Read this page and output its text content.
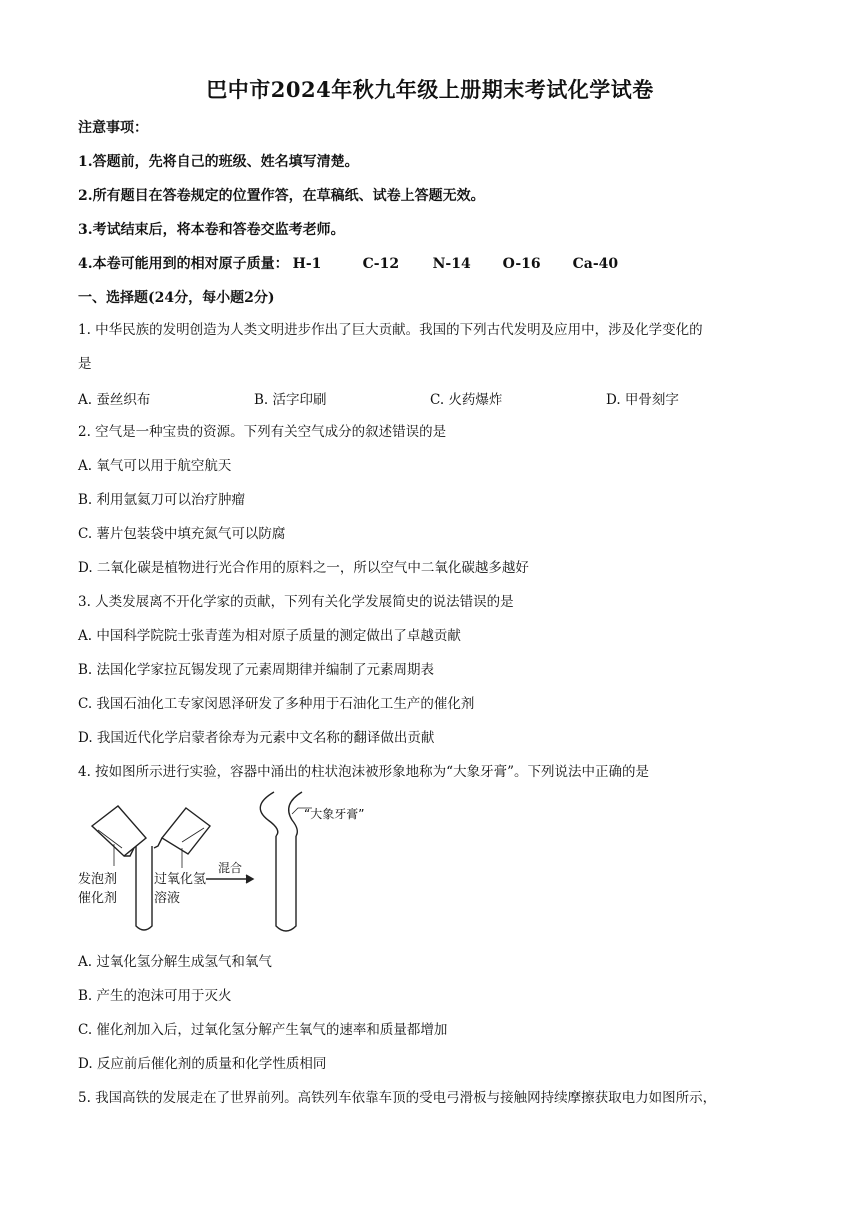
巴中市2024年秋九年级上册期末考试化学试卷
注意事项：
1.答题前，先将自己的班级、姓名填写清楚。
2.所有题目在答卷规定的位置作答，在草稿纸、试卷上答题无效。
3.考试结束后，将本卷和答卷交监考老师。
4.本卷可能用到的相对原子质量： H-1	C-12 N-14 O-16 Ca-40
一、选择题(24分，每小题2分)
1. 中华民族的发明创造为人类文明进步作出了巨大贡献。我国的下列古代发明及应用中，涉及化学变化的
是
A. 蚕丝织布	B. 活字印刷	C. 火药爆炸	D. 甲骨刻字
2. 空气是一种宝贵的资源。下列有关空气成分的叙述错误的是
A. 氧气可以用于航空航天
B. 利用氩氦刀可以治疗肿瘤
C. 薯片包装袋中填充氮气可以防腐
D. 二氧化碳是植物进行光合作用的原料之一，所以空气中二氧化碳越多越好
3. 人类发展离不开化学家的贡献，下列有关化学发展简史的说法错误的是
A. 中国科学院院士张青莲为相对原子质量的测定做出了卓越贡献
B. 法国化学家拉瓦锡发现了元素周期律并编制了元素周期表
C. 我国石油化工专家闵恩泽研发了多种用于石油化工生产的催化剂
D. 我国近代化学启蒙者徐寿为元素中文名称的翻译做出贡献
4. 按如图所示进行实验，容器中涌出的柱状泡沫被形象地称为“大象牙膏”。下列说法中正确的是
发泡剂
催化剂
过氧化氢
溶液
混合
“大象牙膏”
A. 过氧化氢分解生成氢气和氧气
B. 产生的泡沫可用于灭火
C. 催化剂加入后，过氧化氢分解产生氧气的速率和质量都增加
D. 反应前后催化剂的质量和化学性质相同
5. 我国高铁的发展走在了世界前列。高铁列车依靠车顶的受电弓滑板与接触网持续摩擦获取电力如图所示，
